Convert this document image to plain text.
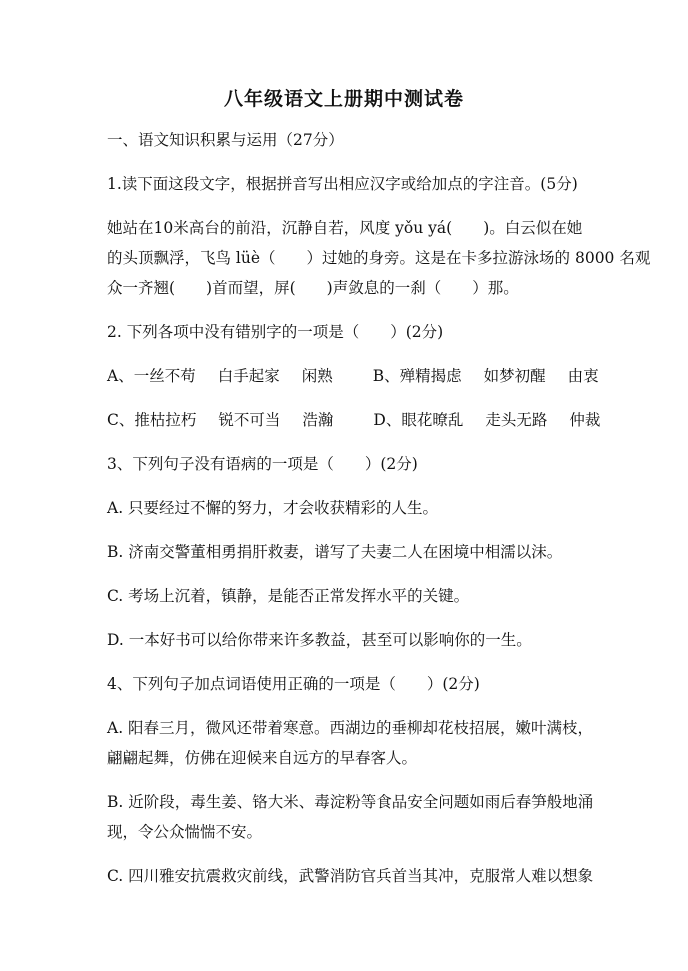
八年级语文上册期中测试卷
一、语文知识积累与运用（27分）
1.读下面这段文字，根据拼音写出相应汉字或给加点的字注音。(5分)
她站在10米高台的前沿，沉静自若，风度 yǒu yá(　　)。白云似在她
的头顶飘浮，飞鸟 lüè（　　）过她的身旁。这是在卡多拉游泳场的 8000 名观
众一齐翘(　　)首而望，屏(　　)声敛息的一刹（　　）那。
2. 下列各项中没有错别字的一项是（　　）(2分)
A、一丝不苟 白手起家 闲熟	B、殚精揭虑 如梦初醒 由衷
C、推枯拉朽 锐不可当 浩瀚	D、眼花暸乱 走头无路 仲裁
3、下列句子没有语病的一项是（　　）(2分)
A. 只要经过不懈的努力，才会收获精彩的人生。
B. 济南交警董相勇捐肝救妻，谱写了夫妻二人在困境中相濡以沫。
C. 考场上沉着，镇静，是能否正常发挥水平的关键。
D. 一本好书可以给你带来许多教益，甚至可以影响你的一生。
4、下列句子加点词语使用正确的一项是（　　）(2分)
A. 阳春三月，微风还带着寒意。西湖边的垂柳却花枝招展，嫩叶满枝，
翩翩起舞，仿佛在迎候来自远方的早春客人。
B. 近阶段，毒生姜、铬大米、毒淀粉等食品安全问题如雨后春笋般地涌
现，令公众惴惴不安。
C. 四川雅安抗震救灾前线，武警消防官兵首当其冲，克服常人难以想象
